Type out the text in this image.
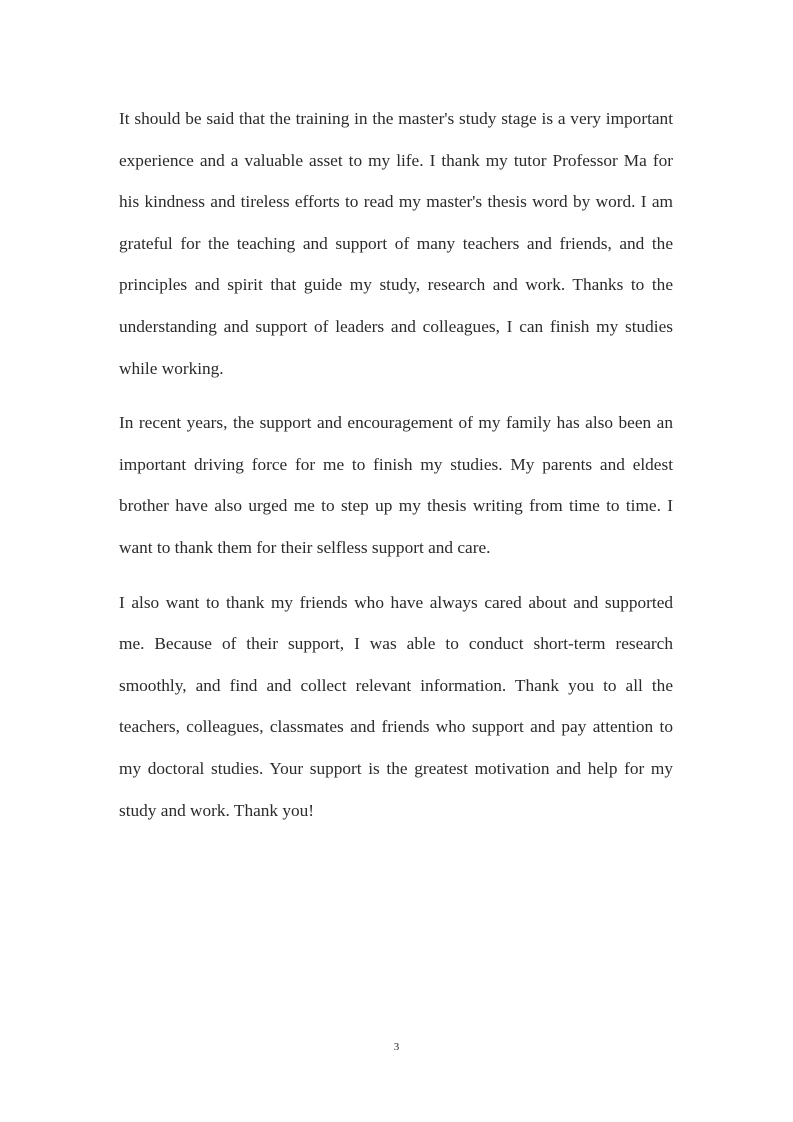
It should be said that the training in the master's study stage is a very important experience and a valuable asset to my life. I thank my tutor Professor Ma for his kindness and tireless efforts to read my master's thesis word by word. I am grateful for the teaching and support of many teachers and friends, and the principles and spirit that guide my study, research and work. Thanks to the understanding and support of leaders and colleagues, I can finish my studies while working.

In recent years, the support and encouragement of my family has also been an important driving force for me to finish my studies. My parents and eldest brother have also urged me to step up my thesis writing from time to time. I want to thank them for their selfless support and care.

I also want to thank my friends who have always cared about and supported me. Because of their support, I was able to conduct short-term research smoothly, and find and collect relevant information. Thank you to all the teachers, colleagues, classmates and friends who support and pay attention to my doctoral studies. Your support is the greatest motivation and help for my study and work. Thank you!

3
